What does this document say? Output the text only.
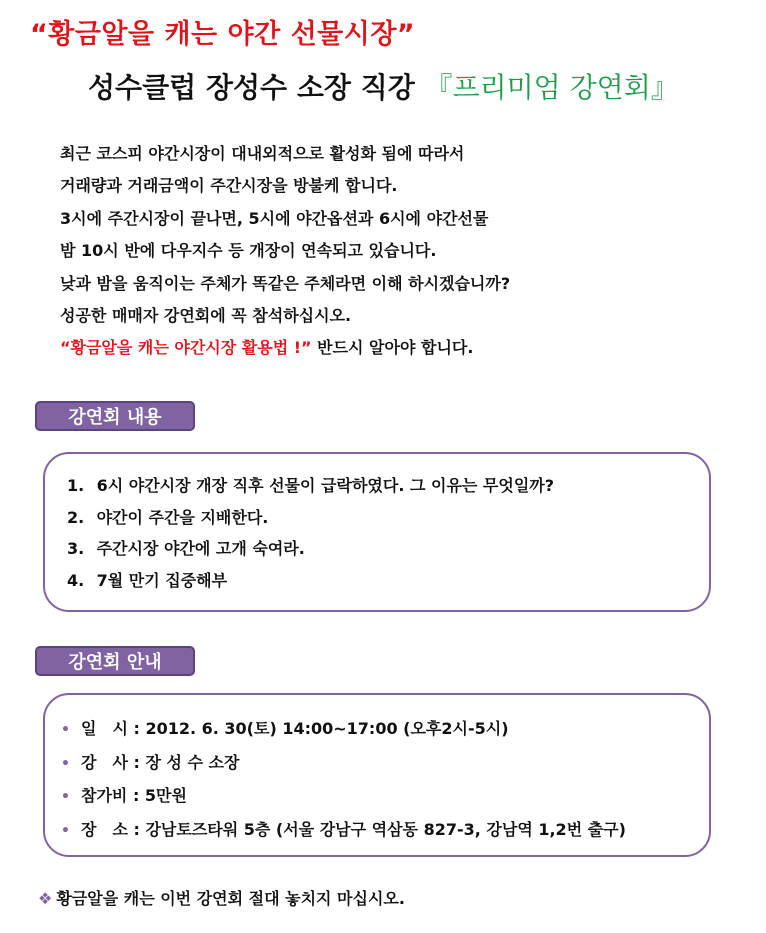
“황금알을 캐는 야간 선물시장”
성수클럽 장성수 소장 직강 『프리미엄 강연회』

최근 코스피 야간시장이 대내외적으로 활성화 됨에 따라서

거래량과 거래금액이 주간시장을 방불케 합니다.

3시에 주간시장이 끝나면, 5시에 야간옵션과 6시에 야간선물

밤 10시 반에 다우지수 등 개장이 연속되고 있습니다.

낮과 밤을 움직이는 주체가 똑같은 주체라면 이해 하시겠습니까?

성공한 매매자 강연회에 꼭 참석하십시오.

“황금알을 캐는 야간시장 활용법 !” 반드시 알아야 합니다.

강연회 내용
1. 6시 야간시장 개장 직후 선물이 급락하였다. 그 이유는 무엇일까?
2. 야간이 주간을 지배한다.
3. 주간시장 야간에 고개 숙여라.
4. 7월 만기 집중해부
강연회 안내
• 일　시 : 2012. 6. 30(토) 14:00~17:00 (오후2시-5시)
• 강　사 : 장 성 수 소장
• 참가비 : 5만원
• 장　소 : 강남토즈타워 5층 (서울 강남구 역삼동 827-3, 강남역 1,2번 출구)
❖ 황금알을 캐는 이번 강연회 절대 놓치지 마십시오.
